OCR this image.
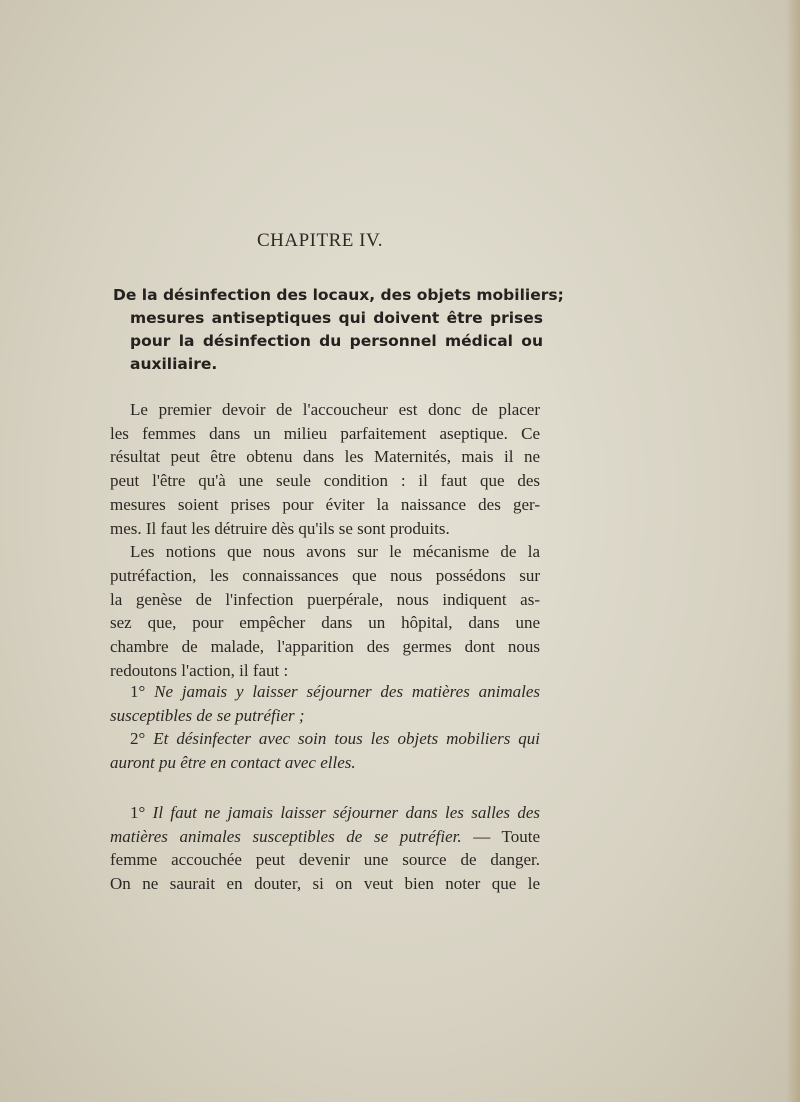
CHAPITRE IV.
De la désinfection des locaux, des objets mobiliers;
mesures antiseptiques qui doivent être prises
pour la désinfection du personnel médical ou
auxiliaire.
Le premier devoir de l'accoucheur est donc de placer
les femmes dans un milieu parfaitement aseptique. Ce
résultat peut être obtenu dans les Maternités, mais il ne
peut l'être qu'à une seule condition : il faut que des
mesures soient prises pour éviter la naissance des ger-
mes. Il faut les détruire dès qu'ils se sont produits.
Les notions que nous avons sur le mécanisme de la
putréfaction, les connaissances que nous possédons sur
la genèse de l'infection puerpérale, nous indiquent as-
sez que, pour empêcher dans un hôpital, dans une
chambre de malade, l'apparition des germes dont nous
redoutons l'action, il faut :
1° Ne jamais y laisser séjourner des matières animales
susceptibles de se putréfier ;
2° Et désinfecter avec soin tous les objets mobiliers qui
auront pu être en contact avec elles.
1° Il faut ne jamais laisser séjourner dans les salles des
matières animales susceptibles de se putréfier. — Toute
femme accouchée peut devenir une source de danger.
On ne saurait en douter, si on veut bien noter que le
